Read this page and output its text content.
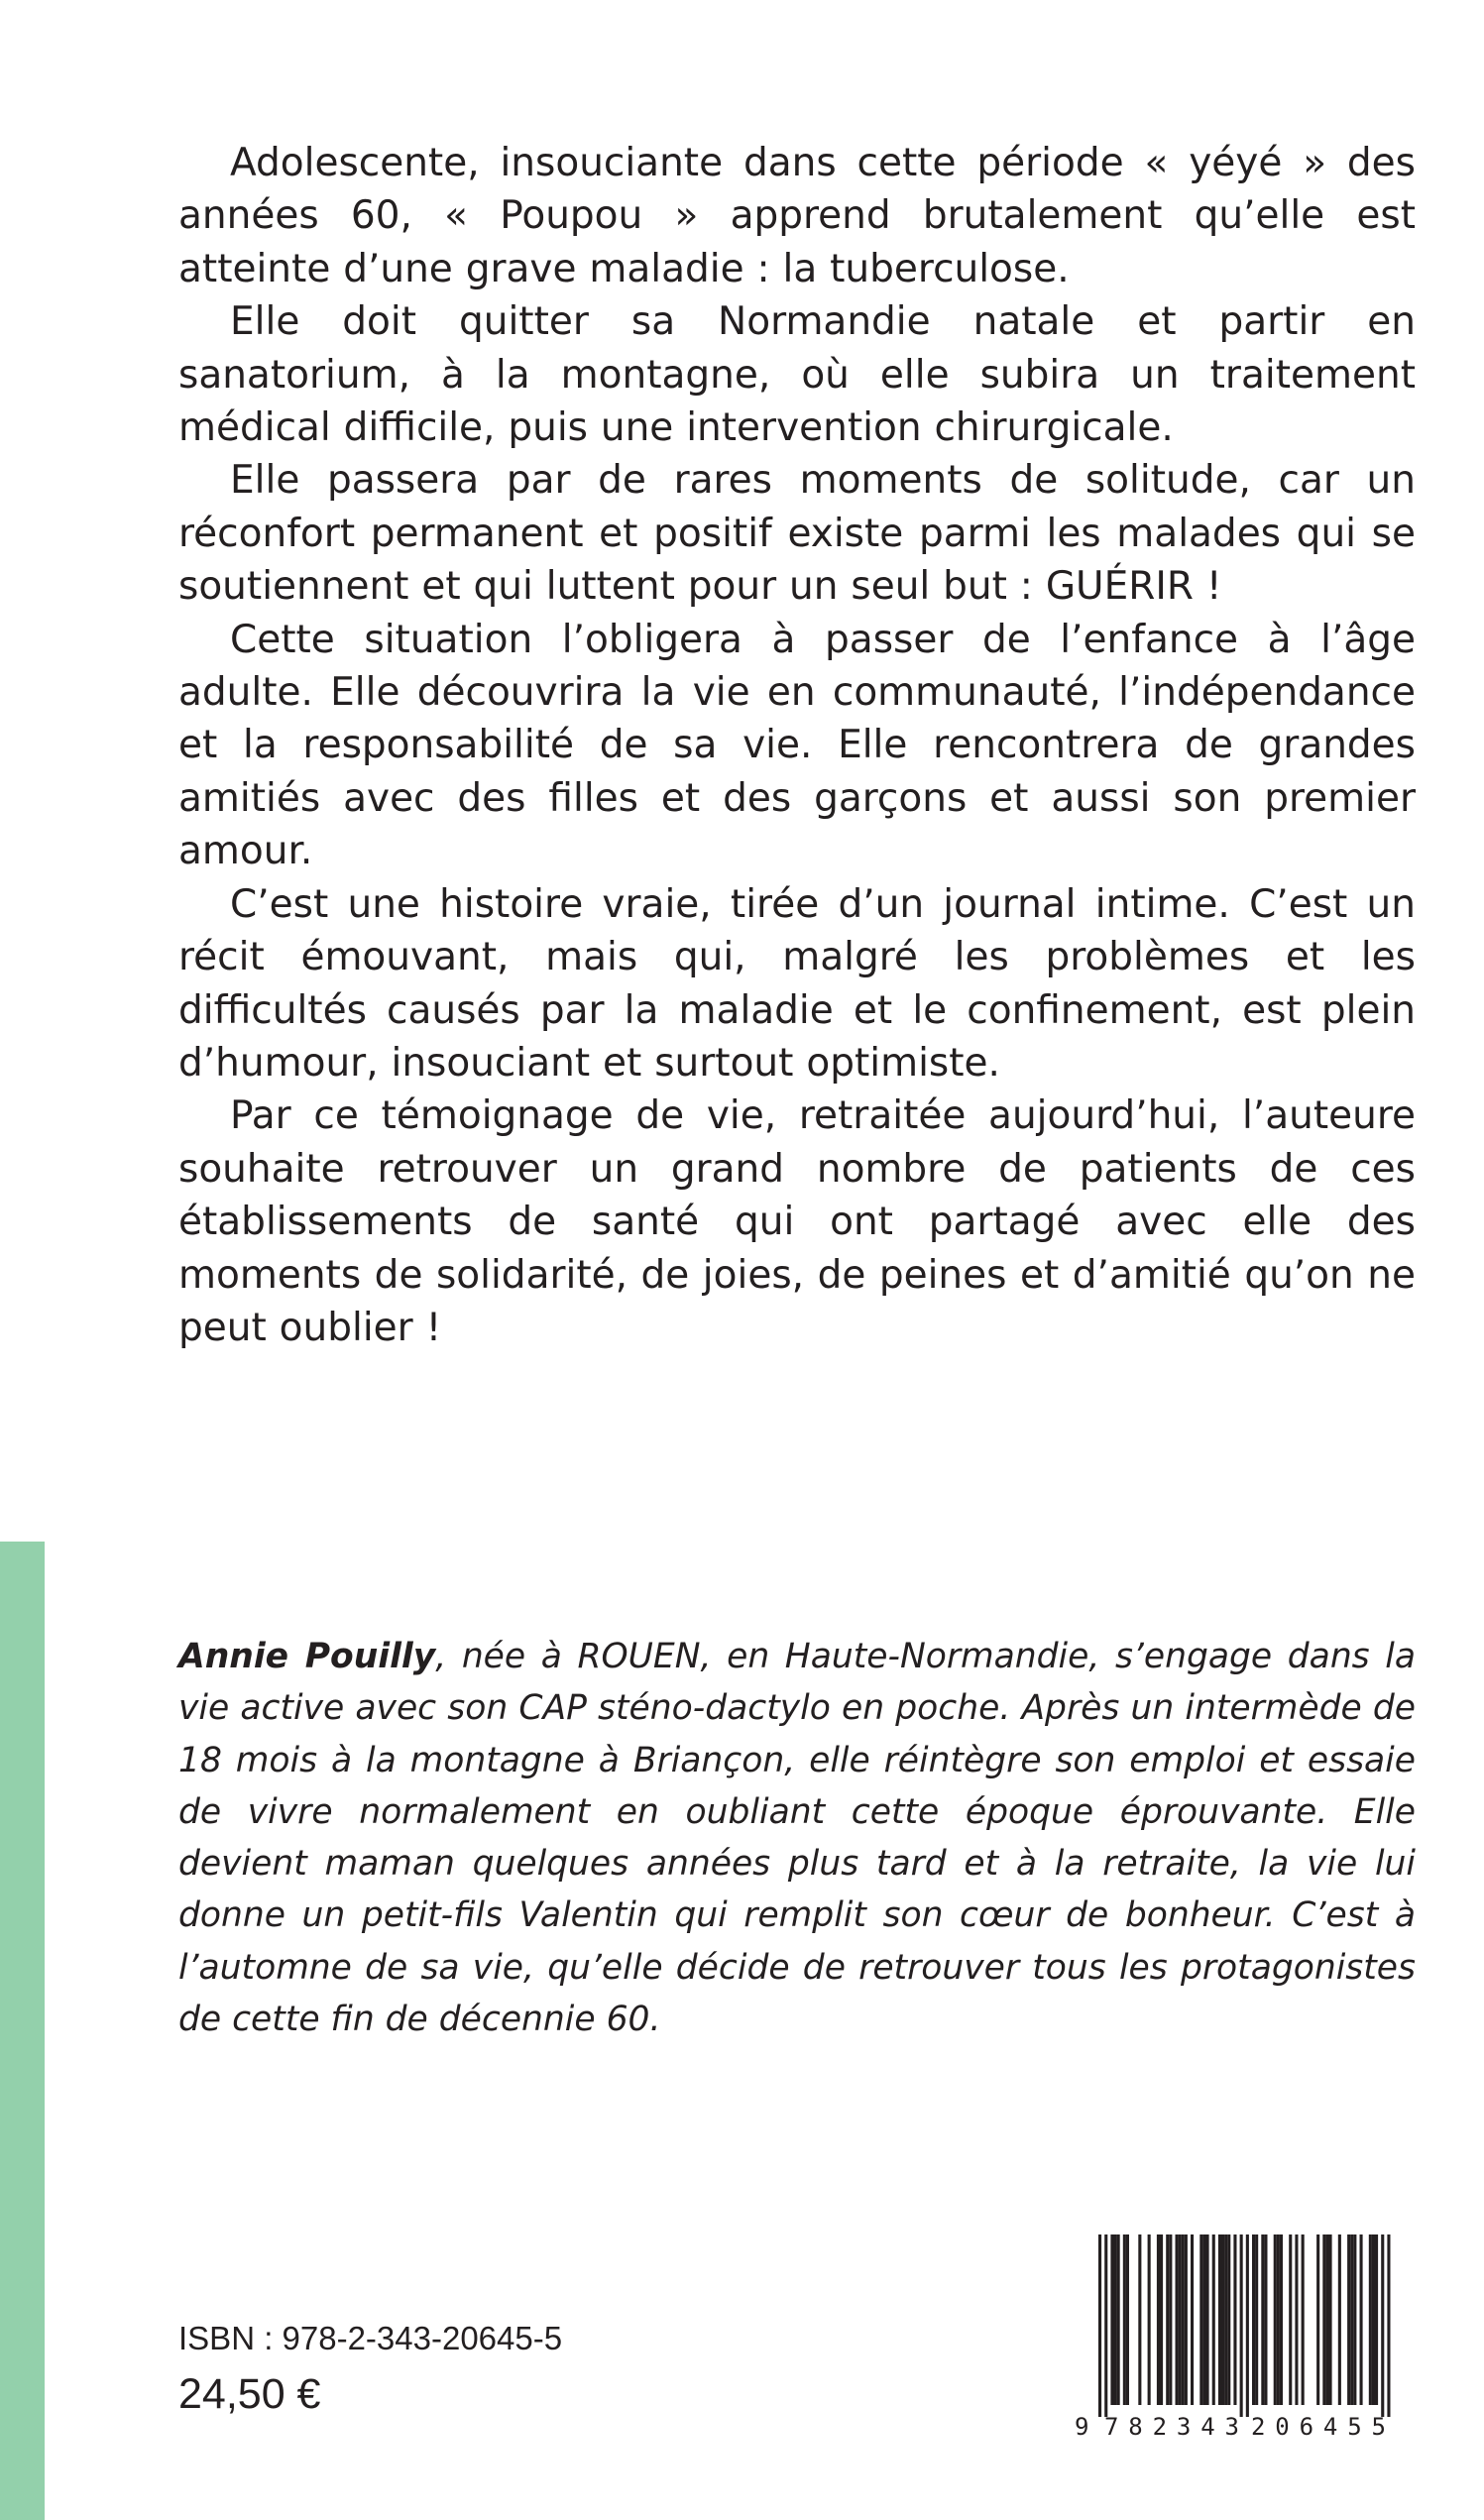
Adolescente, insouciante dans cette période « yéyé » des années 60, « Poupou » apprend brutalement qu’elle est atteinte d’une grave maladie : la tuberculose.

Elle doit quitter sa Normandie natale et partir en sanatorium, à la montagne, où elle subira un traitement médical difficile, puis une intervention chirurgicale.

Elle passera par de rares moments de solitude, car un réconfort permanent et positif existe parmi les malades qui se soutiennent et qui luttent pour un seul but : GUÉRIR !

Cette situation l’obligera à passer de l’enfance à l’âge adulte. Elle découvrira la vie en communauté, l’indépendance et la responsabilité de sa vie. Elle rencontrera de grandes amitiés avec des filles et des garçons et aussi son premier amour.

C’est une histoire vraie, tirée d’un journal intime. C’est un récit émouvant, mais qui, malgré les problèmes et les difficultés causés par la maladie et le confinement, est plein d’humour, insouciant et surtout optimiste.

Par ce témoignage de vie, retraitée aujourd’hui, l’auteure souhaite retrouver un grand nombre de patients de ces établissements de santé qui ont partagé avec elle des moments de solidarité, de joies, de peines et d’amitié qu’on ne peut oublier !

Annie Pouilly, née à ROUEN, en Haute-Normandie, s’engage dans la vie active avec son CAP sténo-dactylo en poche. Après un intermède de 18 mois à la montagne à Briançon, elle réintègre son emploi et essaie de vivre normalement en oubliant cette époque éprouvante. Elle devient maman quelques années plus tard et à la retraite, la vie lui donne un petit-fils Valentin qui remplit son cœur de bonheur. C’est à l’automne de sa vie, qu’elle décide de retrouver tous les protagonistes de cette fin de décennie 60.

ISBN : 978-2-343-20645-5
24,50 €
9 782343 206455
